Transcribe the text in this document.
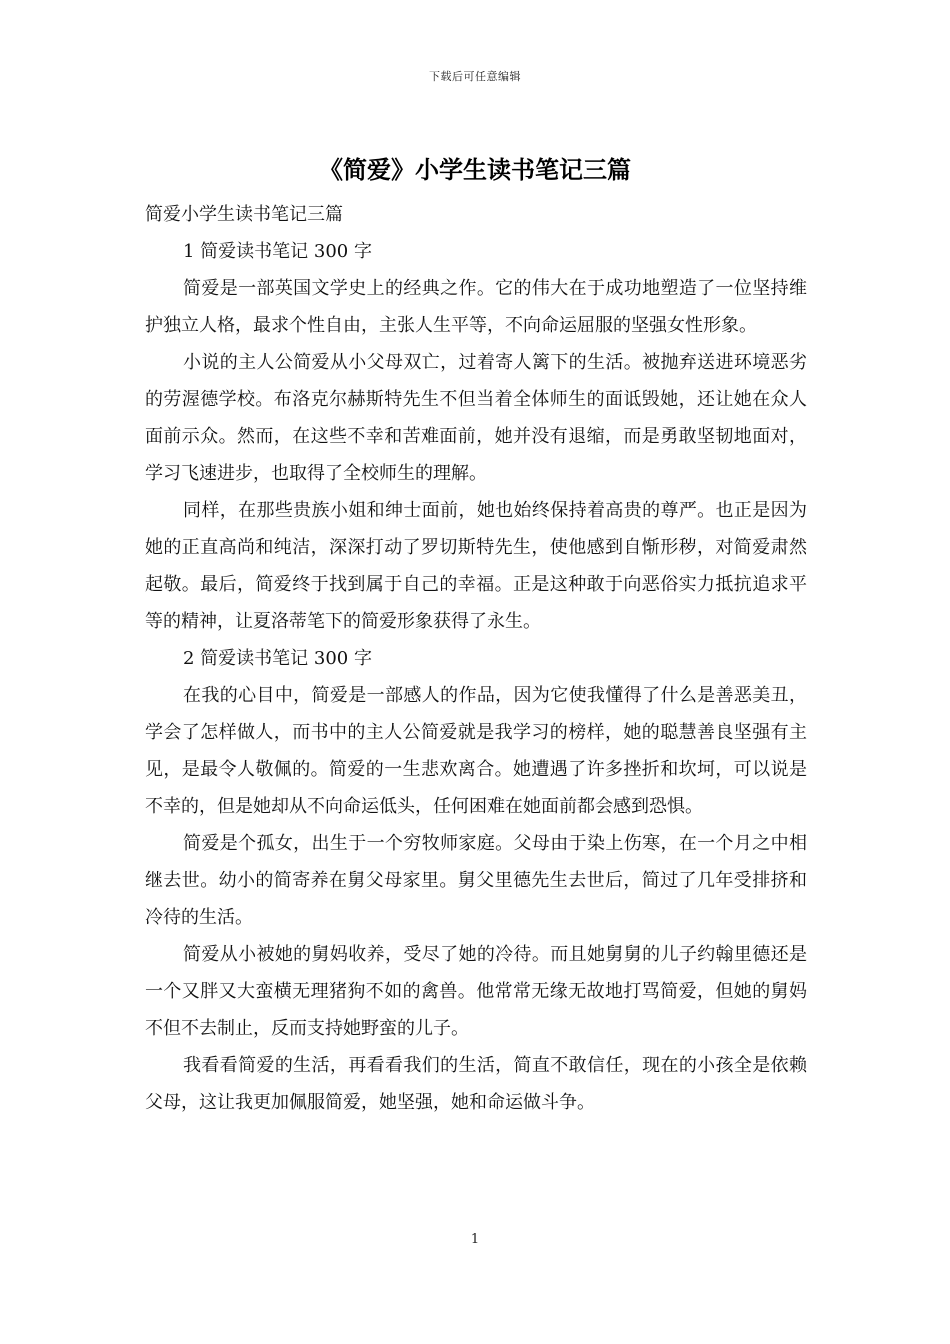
下载后可任意编辑
《简爱》小学生读书笔记三篇

简爱小学生读书笔记三篇

1 简爱读书笔记 300 字

简爱是一部英国文学史上的经典之作。它的伟大在于成功地塑造了一位坚持维护独立人格，最求个性自由，主张人生平等，不向命运屈服的坚强女性形象。

小说的主人公简爱从小父母双亡，过着寄人篱下的生活。被抛弃送进环境恶劣的劳渥德学校。布洛克尔赫斯特先生不但当着全体师生的面诋毁她，还让她在众人面前示众。然而，在这些不幸和苦难面前，她并没有退缩，而是勇敢坚韧地面对，学习飞速进步，也取得了全校师生的理解。

同样，在那些贵族小姐和绅士面前，她也始终保持着高贵的尊严。也正是因为她的正直高尚和纯洁，深深打动了罗切斯特先生，使他感到自惭形秽，对简爱肃然起敬。最后，简爱终于找到属于自己的幸福。正是这种敢于向恶俗实力抵抗追求平等的精神，让夏洛蒂笔下的简爱形象获得了永生。

2 简爱读书笔记 300 字

在我的心目中，简爱是一部感人的作品，因为它使我懂得了什么是善恶美丑，学会了怎样做人，而书中的主人公简爱就是我学习的榜样，她的聪慧善良坚强有主见，是最令人敬佩的。简爱的一生悲欢离合。她遭遇了许多挫折和坎坷，可以说是不幸的，但是她却从不向命运低头，任何困难在她面前都会感到恐惧。

简爱是个孤女，出生于一个穷牧师家庭。父母由于染上伤寒，在一个月之中相继去世。幼小的简寄养在舅父母家里。舅父里德先生去世后，简过了几年受排挤和冷待的生活。

简爱从小被她的舅妈收养，受尽了她的冷待。而且她舅舅的儿子约翰里德还是一个又胖又大蛮横无理猪狗不如的禽兽。他常常无缘无故地打骂简爱，但她的舅妈不但不去制止，反而支持她野蛮的儿子。

我看看简爱的生活，再看看我们的生活，简直不敢信任，现在的小孩全是依赖父母，这让我更加佩服简爱，她坚强，她和命运做斗争。

1
